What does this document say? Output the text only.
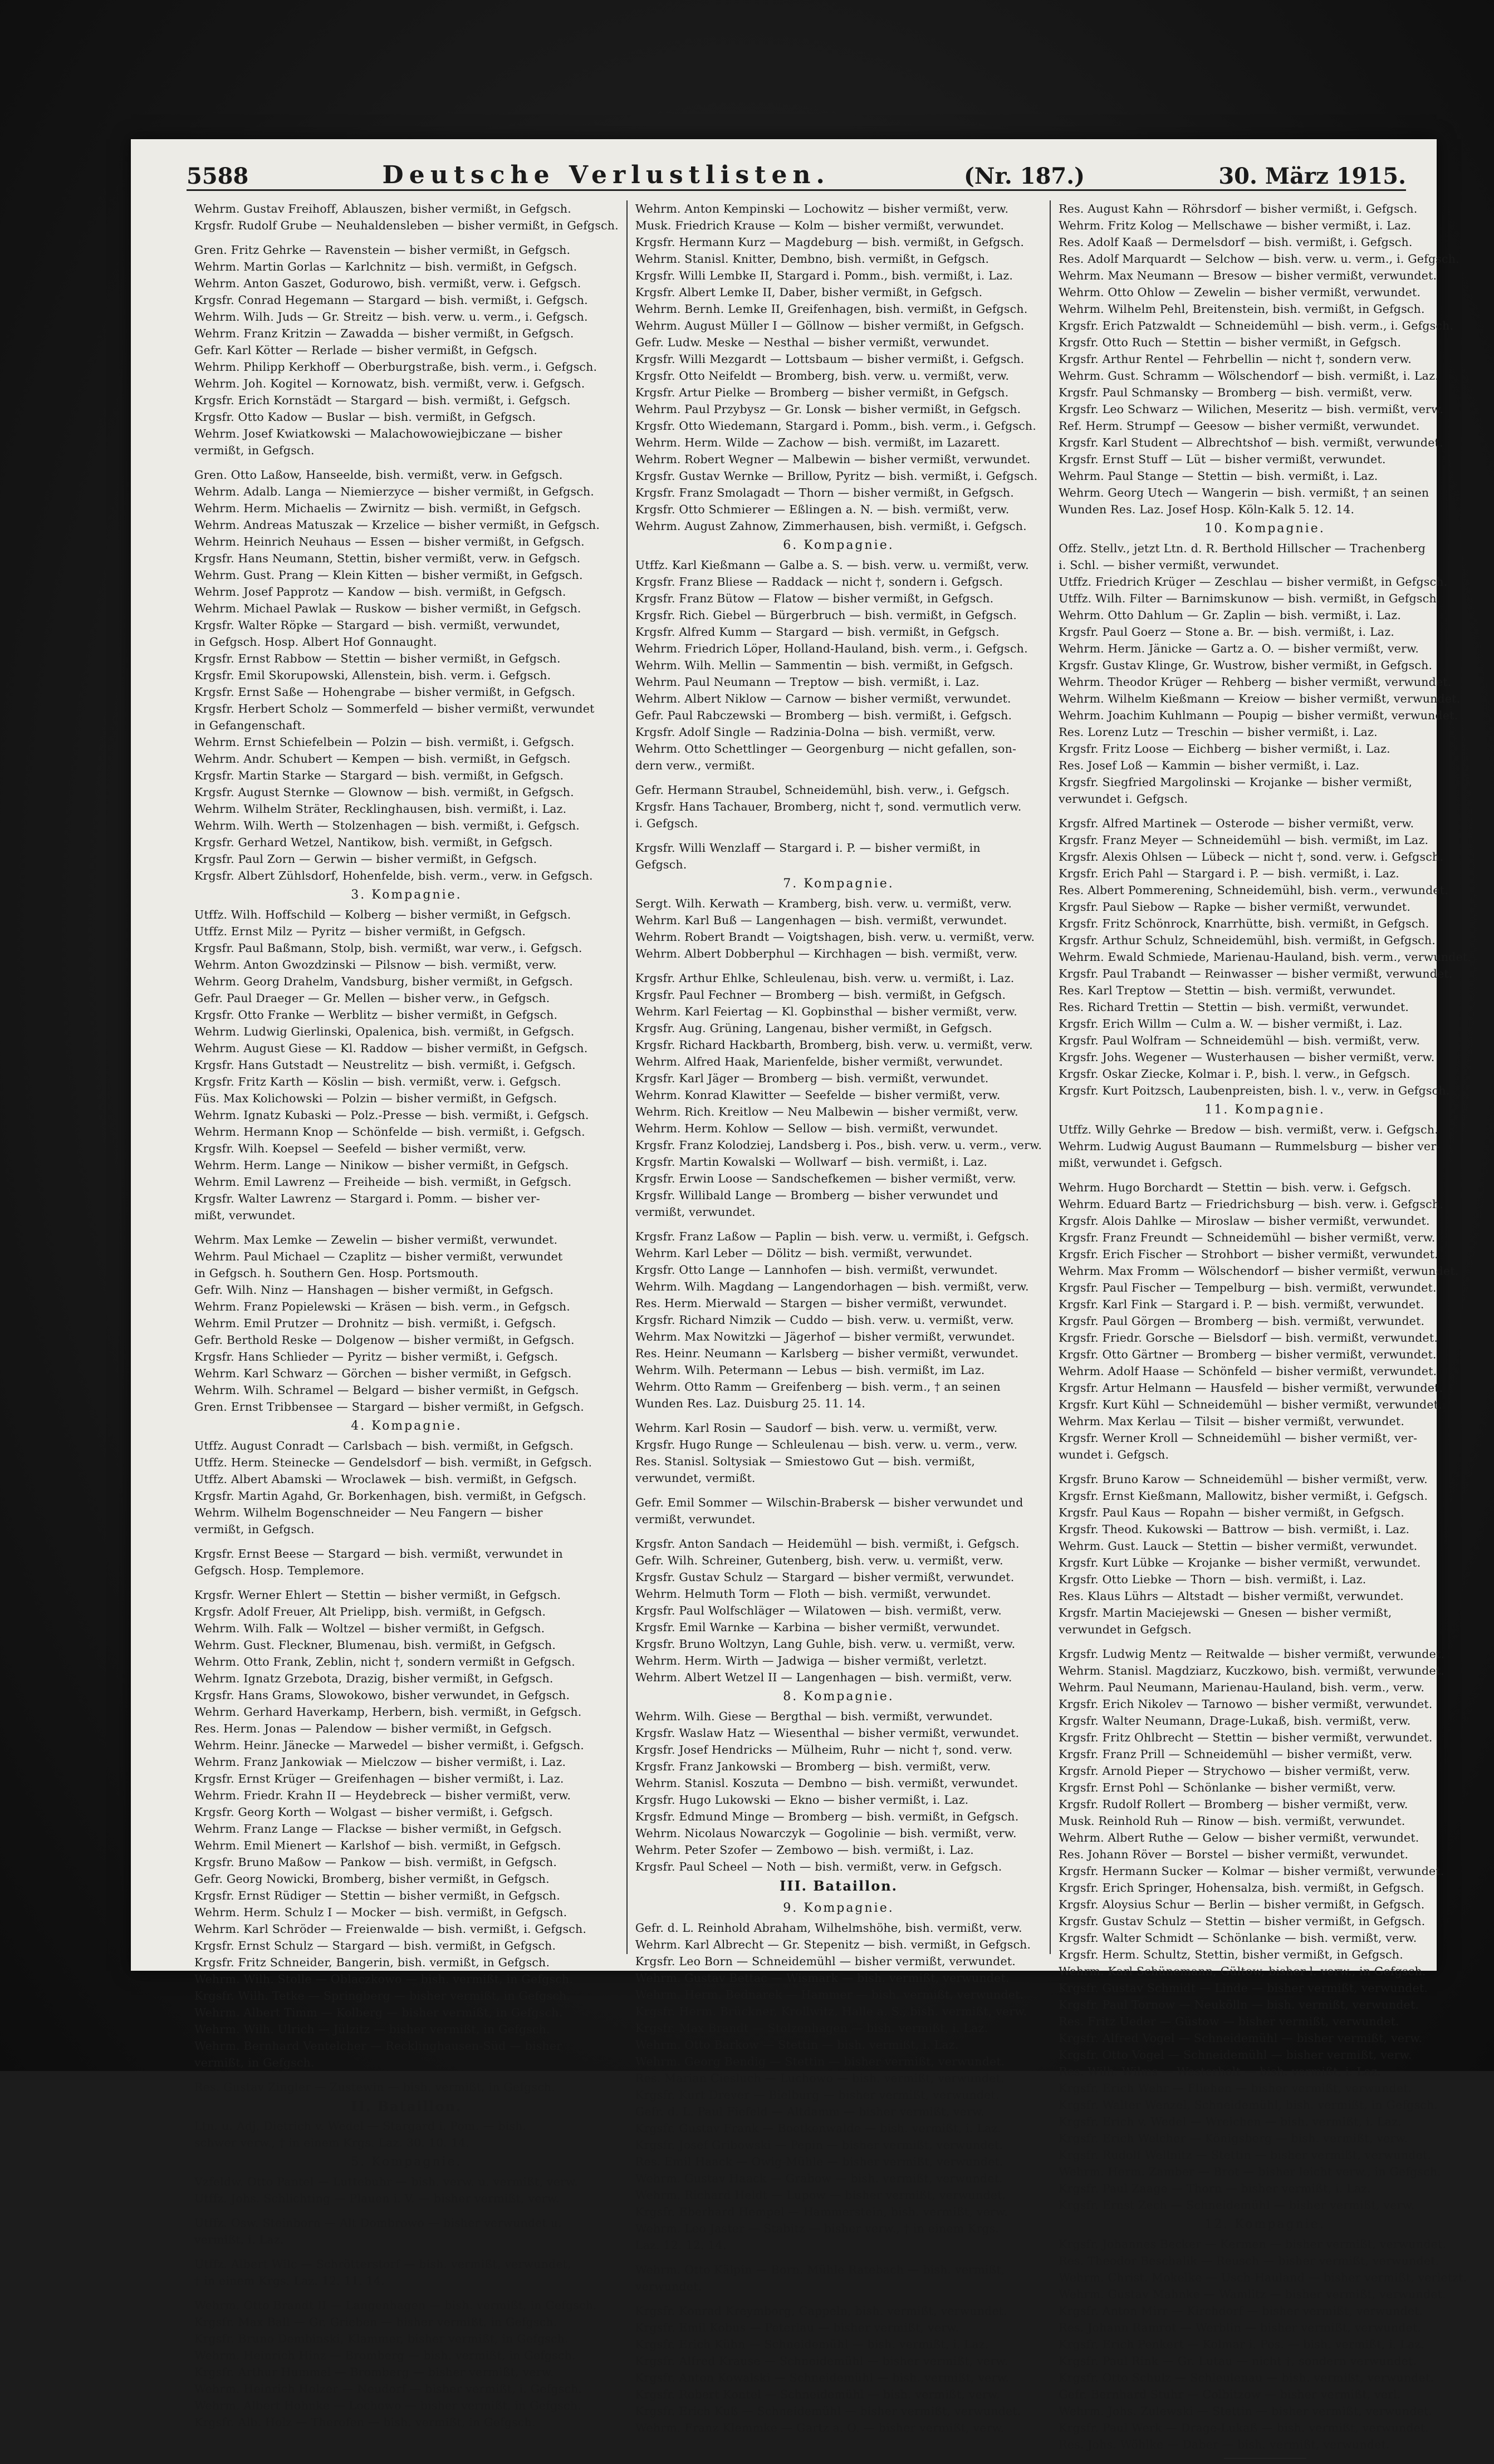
5588	Deutsche Verlustlisten.	(Nr. 187.)	30. März 1915.
Wehrm. Gustav Freihoff, Ablauszen, bisher vermißt, in Gefgsch.
Krgsfr. Rudolf Grube — Neuhaldensleben — bisher vermißt, in Gefgsch.
Gren. Fritz Gehrke — Ravenstein — bisher vermißt, in Gefgsch.
Wehrm. Martin Gorlas — Karlchnitz — bish. vermißt, in Gefgsch.
Wehrm. Anton Gaszet, Godurowo, bish. vermißt, verw. i. Gefgsch.
Krgsfr. Conrad Hegemann — Stargard — bish. vermißt, i. Gefgsch.
Wehrm. Wilh. Juds — Gr. Streitz — bish. verw. u. verm., i. Gefgsch.
Wehrm. Franz Kritzin — Zawadda — bisher vermißt, in Gefgsch.
Gefr. Karl Kötter — Rerlade — bisher vermißt, in Gefgsch.
Wehrm. Philipp Kerkhoff — Oberburgstraße, bish. verm., i. Gefgsch.
Wehrm. Joh. Kogitel — Kornowatz, bish. vermißt, verw. i. Gefgsch.
Krgsfr. Erich Kornstädt — Stargard — bish. vermißt, i. Gefgsch.
Krgsfr. Otto Kadow — Buslar — bish. vermißt, in Gefgsch.
Wehrm. Josef Kwiatkowski — Malachowowiejbiczane — bisher
vermißt, in Gefgsch.
Gren. Otto Laßow, Hanseelde, bish. vermißt, verw. in Gefgsch.
Wehrm. Adalb. Langa — Niemierzyce — bisher vermißt, in Gefgsch.
Wehrm. Herm. Michaelis — Zwirnitz — bish. vermißt, in Gefgsch.
Wehrm. Andreas Matuszak — Krzelice — bisher vermißt, in Gefgsch.
Wehrm. Heinrich Neuhaus — Essen — bisher vermißt, in Gefgsch.
Krgsfr. Hans Neumann, Stettin, bisher vermißt, verw. in Gefgsch.
Wehrm. Gust. Prang — Klein Kitten — bisher vermißt, in Gefgsch.
Wehrm. Josef Papprotz — Kandow — bish. vermißt, in Gefgsch.
Wehrm. Michael Pawlak — Ruskow — bisher vermißt, in Gefgsch.
Krgsfr. Walter Röpke — Stargard — bish. vermißt, verwundet,
in Gefgsch. Hosp. Albert Hof Gonnaught.
Krgsfr. Ernst Rabbow — Stettin — bisher vermißt, in Gefgsch.
Krgsfr. Emil Skorupowski, Allenstein, bish. verm. i. Gefgsch.
Krgsfr. Ernst Saße — Hohengrabe — bisher vermißt, in Gefgsch.
Krgsfr. Herbert Scholz — Sommerfeld — bisher vermißt, verwundet
in Gefangenschaft.
Wehrm. Ernst Schiefelbein — Polzin — bish. vermißt, i. Gefgsch.
Wehrm. Andr. Schubert — Kempen — bish. vermißt, in Gefgsch.
Krgsfr. Martin Starke — Stargard — bish. vermißt, in Gefgsch.
Krgsfr. August Sternke — Glownow — bish. vermißt, in Gefgsch.
Wehrm. Wilhelm Sträter, Recklinghausen, bish. vermißt, i. Laz.
Wehrm. Wilh. Werth — Stolzenhagen — bish. vermißt, i. Gefgsch.
Krgsfr. Gerhard Wetzel, Nantikow, bish. vermißt, in Gefgsch.
Krgsfr. Paul Zorn — Gerwin — bisher vermißt, in Gefgsch.
Krgsfr. Albert Zühlsdorf, Hohenfelde, bish. verm., verw. in Gefgsch.
3. Kompagnie.
Utffz. Wilh. Hoffschild — Kolberg — bisher vermißt, in Gefgsch.
Utffz. Ernst Milz — Pyritz — bisher vermißt, in Gefgsch.
Krgsfr. Paul Baßmann, Stolp, bish. vermißt, war verw., i. Gefgsch.
Wehrm. Anton Gwozdzinski — Pilsnow — bish. vermißt, verw.
Wehrm. Georg Drahelm, Vandsburg, bisher vermißt, in Gefgsch.
Gefr. Paul Draeger — Gr. Mellen — bisher verw., in Gefgsch.
Krgsfr. Otto Franke — Werblitz — bisher vermißt, in Gefgsch.
Wehrm. Ludwig Gierlinski, Opalenica, bish. vermißt, in Gefgsch.
Wehrm. August Giese — Kl. Raddow — bisher vermißt, in Gefgsch.
Krgsfr. Hans Gutstadt — Neustrelitz — bish. vermißt, i. Gefgsch.
Krgsfr. Fritz Karth — Köslin — bish. vermißt, verw. i. Gefgsch.
Füs. Max Kolichowski — Polzin — bisher vermißt, in Gefgsch.
Wehrm. Ignatz Kubaski — Polz.-Presse — bish. vermißt, i. Gefgsch.
Wehrm. Hermann Knop — Schönfelde — bish. vermißt, i. Gefgsch.
Krgsfr. Wilh. Koepsel — Seefeld — bisher vermißt, verw.
Wehrm. Herm. Lange — Ninikow — bisher vermißt, in Gefgsch.
Wehrm. Emil Lawrenz — Freiheide — bish. vermißt, in Gefgsch.
Krgsfr. Walter Lawrenz — Stargard i. Pomm. — bisher ver-
mißt, verwundet.
Wehrm. Max Lemke — Zewelin — bisher vermißt, verwundet.
Wehrm. Paul Michael — Czaplitz — bisher vermißt, verwundet
in Gefgsch. h. Southern Gen. Hosp. Portsmouth.
Gefr. Wilh. Ninz — Hanshagen — bisher vermißt, in Gefgsch.
Wehrm. Franz Popielewski — Kräsen — bish. verm., in Gefgsch.
Wehrm. Emil Prutzer — Drohnitz — bish. vermißt, i. Gefgsch.
Gefr. Berthold Reske — Dolgenow — bisher vermißt, in Gefgsch.
Krgsfr. Hans Schlieder — Pyritz — bisher vermißt, i. Gefgsch.
Wehrm. Karl Schwarz — Görchen — bisher vermißt, in Gefgsch.
Wehrm. Wilh. Schramel — Belgard — bisher vermißt, in Gefgsch.
Gren. Ernst Tribbensee — Stargard — bisher vermißt, in Gefgsch.
4. Kompagnie.
Utffz. August Conradt — Carlsbach — bish. vermißt, in Gefgsch.
Utffz. Herm. Steinecke — Gendelsdorf — bish. vermißt, in Gefgsch.
Utffz. Albert Abamski — Wroclawek — bish. vermißt, in Gefgsch.
Krgsfr. Martin Agahd, Gr. Borkenhagen, bish. vermißt, in Gefgsch.
Wehrm. Wilhelm Bogenschneider — Neu Fangern — bisher
vermißt, in Gefgsch.
Krgsfr. Ernst Beese — Stargard — bish. vermißt, verwundet in
Gefgsch. Hosp. Templemore.
Krgsfr. Werner Ehlert — Stettin — bisher vermißt, in Gefgsch.
Krgsfr. Adolf Freuer, Alt Prielipp, bish. vermißt, in Gefgsch.
Wehrm. Wilh. Falk — Woltzel — bisher vermißt, in Gefgsch.
Wehrm. Gust. Fleckner, Blumenau, bish. vermißt, in Gefgsch.
Wehrm. Otto Frank, Zeblin, nicht †, sondern vermißt in Gefgsch.
Wehrm. Ignatz Grzebota, Drazig, bisher vermißt, in Gefgsch.
Krgsfr. Hans Grams, Slowokowo, bisher verwundet, in Gefgsch.
Wehrm. Gerhard Haverkamp, Herbern, bish. vermißt, in Gefgsch.
Res. Herm. Jonas — Palendow — bisher vermißt, in Gefgsch.
Wehrm. Heinr. Jänecke — Marwedel — bisher vermißt, i. Gefgsch.
Wehrm. Franz Jankowiak — Mielczow — bisher vermißt, i. Laz.
Krgsfr. Ernst Krüger — Greifenhagen — bisher vermißt, i. Laz.
Wehrm. Friedr. Krahn II — Heydebreck — bisher vermißt, verw.
Krgsfr. Georg Korth — Wolgast — bisher vermißt, i. Gefgsch.
Wehrm. Franz Lange — Flackse — bisher vermißt, in Gefgsch.
Wehrm. Emil Mienert — Karlshof — bish. vermißt, in Gefgsch.
Krgsfr. Bruno Maßow — Pankow — bish. vermißt, in Gefgsch.
Gefr. Georg Nowicki, Bromberg, bisher vermißt, in Gefgsch.
Krgsfr. Ernst Rüdiger — Stettin — bisher vermißt, in Gefgsch.
Wehrm. Herm. Schulz I — Mocker — bish. vermißt, in Gefgsch.
Wehrm. Karl Schröder — Freienwalde — bish. vermißt, i. Gefgsch.
Krgsfr. Ernst Schulz — Stargard — bish. vermißt, in Gefgsch.
Krgsfr. Fritz Schneider, Bangerin, bish. vermißt, in Gefgsch.
Wehrm. Wilh. Stolle — Oblaczkowo — bish. vermißt, in Gefgsch.
Krgsfr. Wilh. Tetke — Springberg — bisher vermißt, in Gefgsch.
Wehrm. Albert Timm — Kolberg — bisher vermißt, in Gefgsch.
Wehrm. Wilh. Ulrich — Jülzitz — bisher vermißt, in Gefgsch.
Wehrm. Bernhard Ventelcher — Recklinghausen-Süd — bisher
vermißt, in Gefgsch.
Res. Gustav Zingler — Zustewin — bish. vermißt, in Gefgsch.
II. Bataillon.
Ltn. u. Adj. Dietrich v. Wedel — Stargard i. Pom. — bish.
schwer verw., † in einem Krgs. Laz. 30. 10. 14.
5. Kompagnie.
Vzfeldw. Otto Pantel — Luttebuhr — bish. verw. u. vermißt, verw.
Utffz. Johs. Schlichting — Plauen i. V. — bisher vermißt, verw.
Utffz. Osw. Steinborn — Alt Dombrowo — bisher verwundet u.
vermißt, i. Laz.
Utffz. Albert Wilc — Schrötterstorf — bish. vermißt, verwundet,
† in einem Krgs. Laz. 12. 11. 14.
Wehrm. Otto Brandt II — Langenhagen — bish. vermißt, in Gefgsch.
Krgsfr. Max Ball — Gr. Grieben — bisher vermißt, in Gefgsch.
Krgsfr. Bruno Dembinski, Klammer, bisher vermißt, in Gefgsch.
Wehrm. Heinrich Hinz — Bromberg — bish. vermißt, in Gefgsch.
Krgsfr. Arthur Hummel — Bromberg — bisher vermißt, verw.
Wehrm. Heinrich Holzer — Neudorf — bisher vermißt, i. Gefgsch.
Wehrm. Albert Hohnke — Lochowo — bisher vermißt, in Gefgsch.
Krgsfr. Alb. Holz — Therofen — bish. vermißt, in Gefgsch.
Wehrm. Anton Kempinski — Lochowitz — bisher vermißt, verw.
Musk. Friedrich Krause — Kolm — bisher vermißt, verwundet.
Krgsfr. Hermann Kurz — Magdeburg — bish. vermißt, in Gefgsch.
Wehrm. Stanisl. Knitter, Dembno, bish. vermißt, in Gefgsch.
Krgsfr. Willi Lembke II, Stargard i. Pomm., bish. vermißt, i. Laz.
Krgsfr. Albert Lemke II, Daber, bisher vermißt, in Gefgsch.
Wehrm. Bernh. Lemke II, Greifenhagen, bish. vermißt, in Gefgsch.
Wehrm. August Müller I — Göllnow — bisher vermißt, in Gefgsch.
Gefr. Ludw. Meske — Nesthal — bisher vermißt, verwundet.
Krgsfr. Willi Mezgardt — Lottsbaum — bisher vermißt, i. Gefgsch.
Krgsfr. Otto Neifeldt — Bromberg, bish. verw. u. vermißt, verw.
Krgsfr. Artur Pielke — Bromberg — bisher vermißt, in Gefgsch.
Wehrm. Paul Przybysz — Gr. Lonsk — bisher vermißt, in Gefgsch.
Krgsfr. Otto Wiedemann, Stargard i. Pomm., bish. verm., i. Gefgsch.
Wehrm. Herm. Wilde — Zachow — bish. vermißt, im Lazarett.
Wehrm. Robert Wegner — Malbewin — bisher vermißt, verwundet.
Krgsfr. Gustav Wernke — Brillow, Pyritz — bish. vermißt, i. Gefgsch.
Krgsfr. Franz Smolagadt — Thorn — bisher vermißt, in Gefgsch.
Krgsfr. Otto Schmierer — Eßlingen a. N. — bish. vermißt, verw.
Wehrm. August Zahnow, Zimmerhausen, bish. vermißt, i. Gefgsch.
6. Kompagnie.
Utffz. Karl Kießmann — Galbe a. S. — bish. verw. u. vermißt, verw.
Krgsfr. Franz Bliese — Raddack — nicht †, sondern i. Gefgsch.
Krgsfr. Franz Bütow — Flatow — bisher vermißt, in Gefgsch.
Krgsfr. Rich. Giebel — Bürgerbruch — bish. vermißt, in Gefgsch.
Krgsfr. Alfred Kumm — Stargard — bish. vermißt, in Gefgsch.
Wehrm. Friedrich Löper, Holland-Hauland, bish. verm., i. Gefgsch.
Wehrm. Wilh. Mellin — Sammentin — bish. vermißt, in Gefgsch.
Wehrm. Paul Neumann — Treptow — bish. vermißt, i. Laz.
Wehrm. Albert Niklow — Carnow — bisher vermißt, verwundet.
Gefr. Paul Rabczewski — Bromberg — bish. vermißt, i. Gefgsch.
Krgsfr. Adolf Single — Radzinia-Dolna — bish. vermißt, verw.
Wehrm. Otto Schettlinger — Georgenburg — nicht gefallen, son-
dern verw., vermißt.
Gefr. Hermann Straubel, Schneidemühl, bish. verw., i. Gefgsch.
Krgsfr. Hans Tachauer, Bromberg, nicht †, sond. vermutlich verw.
i. Gefgsch.
Krgsfr. Willi Wenzlaff — Stargard i. P. — bisher vermißt, in
Gefgsch.
7. Kompagnie.
Sergt. Wilh. Kerwath — Kramberg, bish. verw. u. vermißt, verw.
Wehrm. Karl Buß — Langenhagen — bish. vermißt, verwundet.
Wehrm. Robert Brandt — Voigtshagen, bish. verw. u. vermißt, verw.
Wehrm. Albert Dobberphul — Kirchhagen — bish. vermißt, verw.
Krgsfr. Arthur Ehlke, Schleulenau, bish. verw. u. vermißt, i. Laz.
Krgsfr. Paul Fechner — Bromberg — bish. vermißt, in Gefgsch.
Wehrm. Karl Feiertag — Kl. Gopbinsthal — bisher vermißt, verw.
Krgsfr. Aug. Grüning, Langenau, bisher vermißt, in Gefgsch.
Krgsfr. Richard Hackbarth, Bromberg, bish. verw. u. vermißt, verw.
Wehrm. Alfred Haak, Marienfelde, bisher vermißt, verwundet.
Krgsfr. Karl Jäger — Bromberg — bish. vermißt, verwundet.
Wehrm. Konrad Klawitter — Seefelde — bisher vermißt, verw.
Wehrm. Rich. Kreitlow — Neu Malbewin — bisher vermißt, verw.
Wehrm. Herm. Kohlow — Sellow — bish. vermißt, verwundet.
Krgsfr. Franz Kolodziej, Landsberg i. Pos., bish. verw. u. verm., verw.
Krgsfr. Martin Kowalski — Wollwarf — bish. vermißt, i. Laz.
Krgsfr. Erwin Loose — Sandschefkemen — bisher vermißt, verw.
Krgsfr. Willibald Lange — Bromberg — bisher verwundet und
vermißt, verwundet.
Krgsfr. Franz Laßow — Paplin — bish. verw. u. vermißt, i. Gefgsch.
Wehrm. Karl Leber — Dölitz — bish. vermißt, verwundet.
Krgsfr. Otto Lange — Lannhofen — bish. vermißt, verwundet.
Wehrm. Wilh. Magdang — Langendorhagen — bish. vermißt, verw.
Res. Herm. Mierwald — Stargen — bisher vermißt, verwundet.
Krgsfr. Richard Nimzik — Cuddo — bish. verw. u. vermißt, verw.
Wehrm. Max Nowitzki — Jägerhof — bisher vermißt, verwundet.
Res. Heinr. Neumann — Karlsberg — bisher vermißt, verwundet.
Wehrm. Wilh. Petermann — Lebus — bish. vermißt, im Laz.
Wehrm. Otto Ramm — Greifenberg — bish. verm., † an seinen
Wunden Res. Laz. Duisburg 25. 11. 14.
Wehrm. Karl Rosin — Saudorf — bish. verw. u. vermißt, verw.
Krgsfr. Hugo Runge — Schleulenau — bish. verw. u. verm., verw.
Res. Stanisl. Soltysiak — Smiestowo Gut — bish. vermißt,
verwundet, vermißt.
Gefr. Emil Sommer — Wilschin-Brabersk — bisher verwundet und
vermißt, verwundet.
Krgsfr. Anton Sandach — Heidemühl — bish. vermißt, i. Gefgsch.
Gefr. Wilh. Schreiner, Gutenberg, bish. verw. u. vermißt, verw.
Krgsfr. Gustav Schulz — Stargard — bisher vermißt, verwundet.
Wehrm. Helmuth Torm — Floth — bish. vermißt, verwundet.
Krgsfr. Paul Wolfschläger — Wilatowen — bish. vermißt, verw.
Krgsfr. Emil Warnke — Karbina — bisher vermißt, verwundet.
Krgsfr. Bruno Woltzyn, Lang Guhle, bish. verw. u. vermißt, verw.
Wehrm. Herm. Wirth — Jadwiga — bisher vermißt, verletzt.
Wehrm. Albert Wetzel II — Langenhagen — bish. vermißt, verw.
8. Kompagnie.
Wehrm. Wilh. Giese — Bergthal — bish. vermißt, verwundet.
Krgsfr. Waslaw Hatz — Wiesenthal — bisher vermißt, verwundet.
Krgsfr. Josef Hendricks — Mülheim, Ruhr — nicht †, sond. verw.
Krgsfr. Franz Jankowski — Bromberg — bish. vermißt, verw.
Wehrm. Stanisl. Koszuta — Dembno — bish. vermißt, verwundet.
Krgsfr. Hugo Lukowski — Ekno — bisher vermißt, i. Laz.
Krgsfr. Edmund Minge — Bromberg — bish. vermißt, in Gefgsch.
Wehrm. Nicolaus Nowarczyk — Gogolinie — bish. vermißt, verw.
Wehrm. Peter Szofer — Zembowo — bish. vermißt, i. Laz.
Krgsfr. Paul Scheel — Noth — bish. vermißt, verw. in Gefgsch.
III. Bataillon.
9. Kompagnie.
Gefr. d. L. Reinhold Abraham, Wilhelmshöhe, bish. vermißt, verw.
Wehrm. Karl Albrecht — Gr. Stepenitz — bish. vermißt, in Gefgsch.
Krgsfr. Leo Born — Schneidemühl — bisher vermißt, verwundet.
Wehrm. Gustav Bettac — Wismark — bish. vermißt, verwundet.
Wehrm. Herm. Bednarek — Hammer — bish. vermißt, verwundet.
Krgsfr. Herm. Brückner, Krollwitz, Halle a. S., bish. vermißt, verw.
Krgsfr. Max Brandt — Stolzenhagen — bish. vermißt, i. Laz.
Wehrm. Otto Barkow — Stettin — bish. vermißt, i. Laz.
Wehrm. Georg Bendig — Stettin — bisher vermißt, verwundet.
Res. Marian Ciesluch — Luchowo — bish. vermißt, verwundet.
Krgsfr. Kurt Drever — Bielburg — bisher vermißt, verwundet.
Gefr. d. L. Paul Fiefeld — Altdamm — bisher vermißt, verw.
Krgsfr. Gustav Frank — Boetkenwalde — bish. vermißt, i. Laz.
Krgsfr. Josef Gribowski — Pepin — bisher vermißt, verwundet.
Res. Emil Haack — Owig-Mühle — bisher vermißt, verwundet.
Wehrm. Gustav Haack — Grabow — bish. vermißt, verwundet.
Wehrm. Richard Heldt — Lupow — bisher vermißt, verwundet.
Krgsfr. Eberhard Hempel — Hammerstein, bish. vermißt, verw.
Wehrm. Leo Jaster — Stabitz — bisher verw., † in einem Krgs.
Laz. 12. 12. 14.
Wehrm. Otto Kälpin — Born. Mühle Ratebach — bish. vermißt,
verwundet.
Krgsfr. Konrad Kreymborg, Cappeln, bish. vermißt, verwundet.
Krgsfr. Emil Kobus — Peterlau — bisher vermißt, verw.
Krgsfr. Erich Kühn — Schneidemühl — bish. vermißt, i. Laz.
Krgsfr. Alfred Krause — Schneidemühl — bisher vermißt, verw.
Krgsfr. Anton Kowalski — Schneidemühl — bish. vermißt, verw.
Krgsfr. Robert Kontel — Schneidemühl — bish. vermißt, verw.
Krgsfr. Erich Kuß — Schneidemühl — bisher vermißt, verwundet.
Wehrm. Franz Klemmke — Gartz a. O. — bisher vermißt, verw.
Res. August Kahn — Röhrsdorf — bisher vermißt, i. Gefgsch.
Wehrm. Fritz Kolog — Mellschawe — bisher vermißt, i. Laz.
Res. Adolf Kaaß — Dermelsdorf — bish. vermißt, i. Gefgsch.
Res. Adolf Marquardt — Selchow — bish. verw. u. verm., i. Gefgsch.
Wehrm. Max Neumann — Bresow — bisher vermißt, verwundet.
Wehrm. Otto Ohlow — Zewelin — bisher vermißt, verwundet.
Wehrm. Wilhelm Pehl, Breitenstein, bish. vermißt, in Gefgsch.
Krgsfr. Erich Patzwaldt — Schneidemühl — bish. verm., i. Gefgsch.
Krgsfr. Otto Ruch — Stettin — bisher vermißt, in Gefgsch.
Krgsfr. Arthur Rentel — Fehrbellin — nicht †, sondern verw.
Wehrm. Gust. Schramm — Wölschendorf — bish. vermißt, i. Laz.
Krgsfr. Paul Schmansky — Bromberg — bish. vermißt, verw.
Krgsfr. Leo Schwarz — Wilichen, Meseritz — bish. vermißt, verw.
Ref. Herm. Strumpf — Geesow — bisher vermißt, verwundet.
Krgsfr. Karl Student — Albrechtshof — bish. vermißt, verwundet.
Krgsfr. Ernst Stuff — Lüt — bisher vermißt, verwundet.
Wehrm. Paul Stange — Stettin — bish. vermißt, i. Laz.
Wehrm. Georg Utech — Wangerin — bish. vermißt, † an seinen
Wunden Res. Laz. Josef Hosp. Köln-Kalk 5. 12. 14.
10. Kompagnie.
Offz. Stellv., jetzt Ltn. d. R. Berthold Hillscher — Trachenberg
i. Schl. — bisher vermißt, verwundet.
Utffz. Friedrich Krüger — Zeschlau — bisher vermißt, in Gefgsch.
Utffz. Wilh. Filter — Barnimskunow — bish. vermißt, in Gefgsch.
Wehrm. Otto Dahlum — Gr. Zaplin — bish. vermißt, i. Laz.
Krgsfr. Paul Goerz — Stone a. Br. — bish. vermißt, i. Laz.
Wehrm. Herm. Jänicke — Gartz a. O. — bisher vermißt, verw.
Krgsfr. Gustav Klinge, Gr. Wustrow, bisher vermißt, in Gefgsch.
Wehrm. Theodor Krüger — Rehberg — bisher vermißt, verwundet.
Wehrm. Wilhelm Kießmann — Kreiow — bisher vermißt, verwundet.
Wehrm. Joachim Kuhlmann — Poupig — bisher vermißt, verwundet.
Res. Lorenz Lutz — Treschin — bisher vermißt, i. Laz.
Krgsfr. Fritz Loose — Eichberg — bisher vermißt, i. Laz.
Res. Josef Loß — Kammin — bisher vermißt, i. Laz.
Krgsfr. Siegfried Margolinski — Krojanke — bisher vermißt,
verwundet i. Gefgsch.
Krgsfr. Alfred Martinek — Osterode — bisher vermißt, verw.
Krgsfr. Franz Meyer — Schneidemühl — bish. vermißt, im Laz.
Krgsfr. Alexis Ohlsen — Lübeck — nicht †, sond. verw. i. Gefgsch.
Krgsfr. Erich Pahl — Stargard i. P. — bish. vermißt, i. Laz.
Res. Albert Pommerening, Schneidemühl, bish. verm., verwundet.
Krgsfr. Paul Siebow — Rapke — bisher vermißt, verwundet.
Krgsfr. Fritz Schönrock, Knarrhütte, bish. vermißt, in Gefgsch.
Krgsfr. Arthur Schulz, Schneidemühl, bish. vermißt, in Gefgsch.
Wehrm. Ewald Schmiede, Marienau-Hauland, bish. verm., verwundet.
Krgsfr. Paul Trabandt — Reinwasser — bisher vermißt, verwundet.
Res. Karl Treptow — Stettin — bish. vermißt, verwundet.
Res. Richard Trettin — Stettin — bish. vermißt, verwundet.
Krgsfr. Erich Willm — Culm a. W. — bisher vermißt, i. Laz.
Krgsfr. Paul Wolfram — Schneidemühl — bish. vermißt, verw.
Krgsfr. Johs. Wegener — Wusterhausen — bisher vermißt, verw.
Krgsfr. Oskar Ziecke, Kolmar i. P., bish. l. verw., in Gefgsch.
Krgsfr. Kurt Poitzsch, Laubenpreisten, bish. l. v., verw. in Gefgsch.
11. Kompagnie.
Utffz. Willy Gehrke — Bredow — bish. vermißt, verw. i. Gefgsch.
Wehrm. Ludwig August Baumann — Rummelsburg — bisher ver-
mißt, verwundet i. Gefgsch.
Wehrm. Hugo Borchardt — Stettin — bish. verw. i. Gefgsch.
Wehrm. Eduard Bartz — Friedrichsburg — bish. verw. i. Gefgsch.
Krgsfr. Alois Dahlke — Miroslaw — bisher vermißt, verwundet.
Krgsfr. Franz Freundt — Schneidemühl — bisher vermißt, verw.
Krgsfr. Erich Fischer — Strohbort — bisher vermißt, verwundet.
Wehrm. Max Fromm — Wölschendorf — bisher vermißt, verwundet.
Krgsfr. Paul Fischer — Tempelburg — bish. vermißt, verwundet.
Krgsfr. Karl Fink — Stargard i. P. — bish. vermißt, verwundet.
Krgsfr. Paul Görgen — Bromberg — bish. vermißt, verwundet.
Krgsfr. Friedr. Gorsche — Bielsdorf — bish. vermißt, verwundet.
Krgsfr. Otto Gärtner — Bromberg — bisher vermißt, verwundet.
Wehrm. Adolf Haase — Schönfeld — bisher vermißt, verwundet.
Krgsfr. Artur Helmann — Hausfeld — bisher vermißt, verwundet.
Krgsfr. Kurt Kühl — Schneidemühl — bisher vermißt, verwundet.
Wehrm. Max Kerlau — Tilsit — bisher vermißt, verwundet.
Krgsfr. Werner Kroll — Schneidemühl — bisher vermißt, ver-
wundet i. Gefgsch.
Krgsfr. Bruno Karow — Schneidemühl — bisher vermißt, verw.
Krgsfr. Ernst Kießmann, Mallowitz, bisher vermißt, i. Gefgsch.
Krgsfr. Paul Kaus — Ropahn — bisher vermißt, in Gefgsch.
Krgsfr. Theod. Kukowski — Battrow — bish. vermißt, i. Laz.
Wehrm. Gust. Lauck — Stettin — bisher vermißt, verwundet.
Krgsfr. Kurt Lübke — Krojanke — bisher vermißt, verwundet.
Krgsfr. Otto Liebke — Thorn — bish. vermißt, i. Laz.
Res. Klaus Lührs — Altstadt — bisher vermißt, verwundet.
Krgsfr. Martin Maciejewski — Gnesen — bisher vermißt,
verwundet in Gefgsch.
Krgsfr. Ludwig Mentz — Reitwalde — bisher vermißt, verwundet.
Wehrm. Stanisl. Magdziarz, Kuczkowo, bish. vermißt, verwundet.
Wehrm. Paul Neumann, Marienau-Hauland, bish. verm., verw.
Krgsfr. Erich Nikolev — Tarnowo — bisher vermißt, verwundet.
Krgsfr. Walter Neumann, Drage-Lukaß, bish. vermißt, verw.
Krgsfr. Fritz Ohlbrecht — Stettin — bisher vermißt, verwundet.
Krgsfr. Franz Prill — Schneidemühl — bisher vermißt, verw.
Krgsfr. Arnold Pieper — Strychowo — bisher vermißt, verw.
Krgsfr. Ernst Pohl — Schönlanke — bisher vermißt, verw.
Krgsfr. Rudolf Rollert — Bromberg — bisher vermißt, verw.
Musk. Reinhold Ruh — Rinow — bish. vermißt, verwundet.
Wehrm. Albert Ruthe — Gelow — bisher vermißt, verwundet.
Res. Johann Röver — Borstel — bisher vermißt, verwundet.
Krgsfr. Hermann Sucker — Kolmar — bisher vermißt, verwundet.
Krgsfr. Erich Springer, Hohensalza, bish. vermißt, in Gefgsch.
Krgsfr. Aloysius Schur — Berlin — bisher vermißt, in Gefgsch.
Krgsfr. Gustav Schulz — Stettin — bisher vermißt, in Gefgsch.
Krgsfr. Walter Schmidt — Schönlanke — bish. vermißt, verw.
Krgsfr. Herm. Schultz, Stettin, bisher vermißt, in Gefgsch.
Wehrm. Karl Schünemann, Gültow, bisher l. verw., in Gefgsch.
Krgsfr. Gustav Schmidt — Linde — bisher vermißt, verwundet.
Krgsfr. Paul Tornow — Neukölln — bish. vermißt, verwundet.
Res. Fritz Ueder — Güstow — bisher vermißt, verwundet.
Krgsfr. Alfred Vogel — Schneidemühl — bisher vermißt, verw.
Krgsfr. Otto Vogel — Schneidemühl — bisher vermißt, verw.
Res. Wilh. Wilms — Westerholt — bish. vermißt, i. Laz.
Krgsfr. Erich Wehr — Fliehen — bisher vermißt, verwundet.
Krgsfr. Walter Wenzel, Schneidemühl, bish. vermißt, in Gefgsch.
Krgsfr. Erich v. Wedel — Wreichen — bish. vermißt, i. Laz.
Krgsfr. Erich Welcher — Königsberg — bish. vermißt, verw.
Krgsfr. Rudolf Wellnitz — Stettin — bisher vermißt, verwundet.
Wehrm. Herm. Zamber — Brot — bisher leicht verw., in Gefgsch.
Krgsfr. Paul Zaage — Thorn — bisher vermißt, i. Laz.
Krgsfr. Ernst Zech — Schneidemühl — bisher vermißt, verw.
12. Kompagnie.
Krgsfr. Johannes Becker — Kermen — bisher vermißt, verwundet.
Res. Theodor Beschalik — Reusch — bisher vermißt, verwundet.
Wehrm. Christ. Mokelke — Usch-Hauland — bisher vermißt, verletzt.
Wehrm. Gustav Mahnke — Wamlitz — bisher vermißt, verwundet.
Krgsfr. Anton Mirr — Kirchdorf — bisher vermißt, verwundet.
Res. Johann Ramrot — Werblin — bisher vermißt, verwundet.
Krgsfr. Erich Penkert — Kolmar i. Pos. — bish. vermißt, i. Laz.
Krgsfr. Paul Rink — Gr. Lutau — nicht †, sondern verwundet.
Krgsfr. Otto Schulz — Schleulenau — bish. vermißt, verwundet.
Gefr. Bernhard Stuhr — Colbitzow — bisher vermißt, verl.
Wehrm. Johs. Zulewski — Stettin — bisher vermißt, verwundet.
Krgsfr. Paul Werk — Drage-Lukaß — bish. vermißt, verwundet.
Res. Johs. Wöhlke — Daber — bish. vermißt, verwundet.
